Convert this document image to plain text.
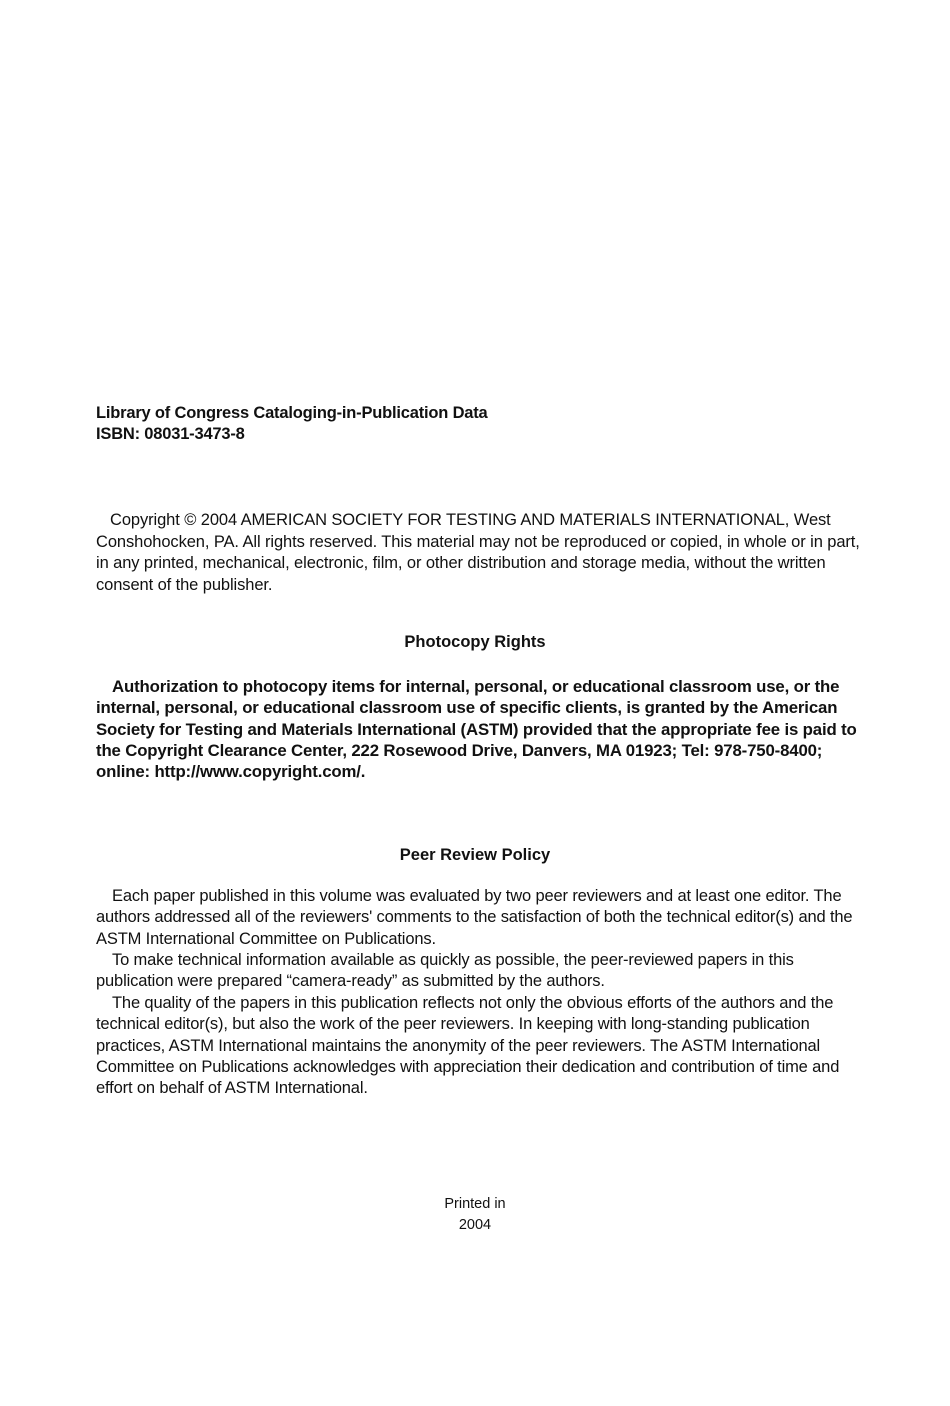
Library of Congress Cataloging-in-Publication Data
ISBN: 08031-3473-8
Copyright © 2004 AMERICAN SOCIETY FOR TESTING AND MATERIALS INTERNATIONAL, West Conshohocken, PA. All rights reserved. This material may not be reproduced or copied, in whole or in part, in any printed, mechanical, electronic, film, or other distribution and storage media, without the written consent of the publisher.
Photocopy Rights
Authorization to photocopy items for internal, personal, or educational classroom use, or the internal, personal, or educational classroom use of specific clients, is granted by the American Society for Testing and Materials International (ASTM) provided that the appropriate fee is paid to the Copyright Clearance Center, 222 Rosewood Drive, Danvers, MA 01923; Tel: 978-750-8400; online: http://www.copyright.com/.
Peer Review Policy

Each paper published in this volume was evaluated by two peer reviewers and at least one editor. The authors addressed all of the reviewers' comments to the satisfaction of both the technical editor(s) and the ASTM International Committee on Publications.

To make technical information available as quickly as possible, the peer-reviewed papers in this publication were prepared “camera-ready” as submitted by the authors.

The quality of the papers in this publication reflects not only the obvious efforts of the authors and the technical editor(s), but also the work of the peer reviewers. In keeping with long-standing publication practices, ASTM International maintains the anonymity of the peer reviewers. The ASTM International Committee on Publications acknowledges with appreciation their dedication and contribution of time and effort on behalf of ASTM International.

Printed in
2004
